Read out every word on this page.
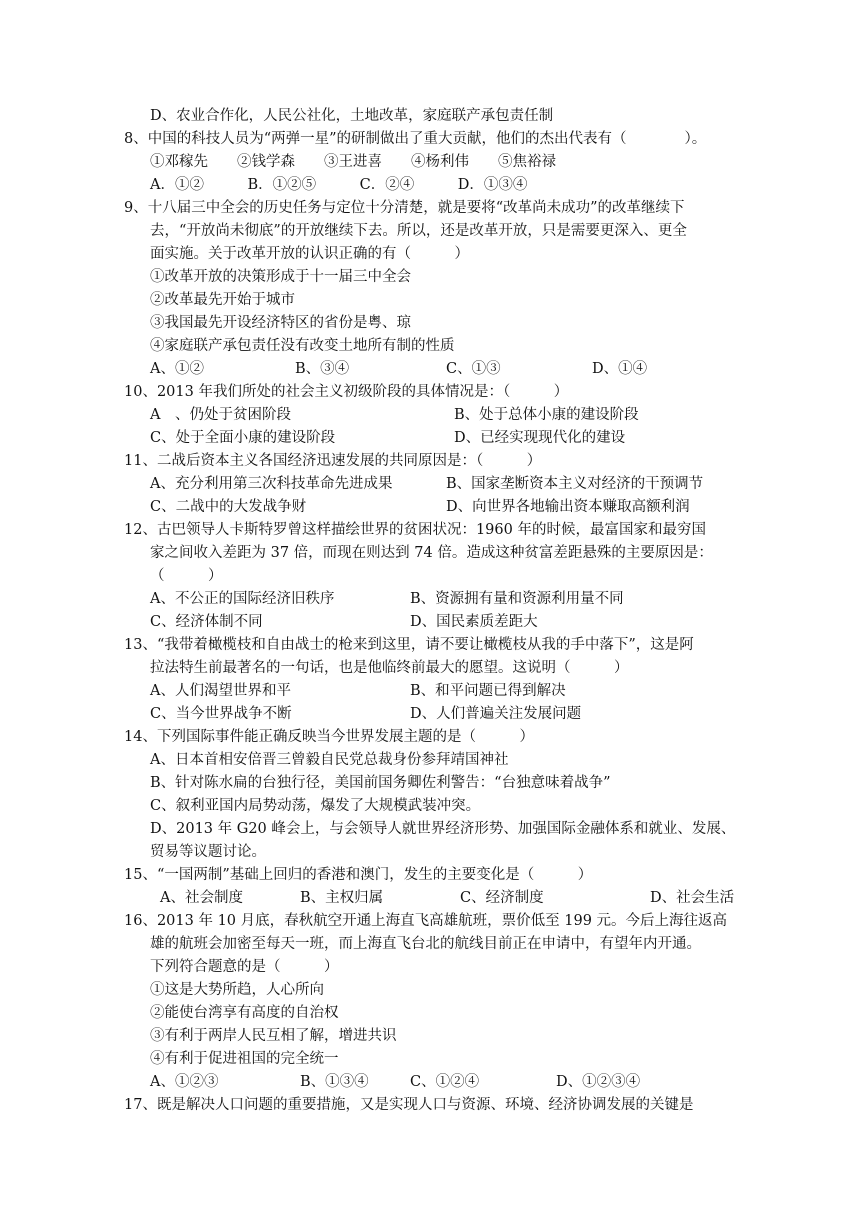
D、农业合作化，人民公社化，土地改革，家庭联产承包责任制
8、中国的科技人员为“两弹一星”的研制做出了重大贡献，他们的杰出代表有（　　　　）。
①邓稼先　　②钱学森　　③王进喜　　④杨利伟　　⑤焦裕禄
A．①②　　　B．①②⑤　　　C．②④　　　D．①③④
9、十八届三中全会的历史任务与定位十分清楚，就是要将“改革尚未成功”的改革继续下
去，“开放尚未彻底”的开放继续下去。所以，还是改革开放，只是需要更深入、更全
面实施。关于改革开放的认识正确的有（　　　）
①改革开放的决策形成于十一届三中全会
②改革最先开始于城市
③我国最先开设经济特区的省份是粤、琼
④家庭联产承包责任没有改变土地所有制的性质
A、①②	B、③④	C、①③	D、①④
10、2013 年我们所处的社会主义初级阶段的具体情况是：（　　　）
A　、仍处于贫困阶段	B、处于总体小康的建设阶段
C、处于全面小康的建设阶段	D、已经实现现代化的建设
11、二战后资本主义各国经济迅速发展的共同原因是：（　　　）
A、充分利用第三次科技革命先进成果	B、国家垄断资本主义对经济的干预调节
C、二战中的大发战争财	D、向世界各地输出资本赚取高额利润
12、古巴领导人卡斯特罗曾这样描绘世界的贫困状况：1960 年的时候，最富国家和最穷国
家之间收入差距为 37 倍，而现在则达到 74 倍。造成这种贫富差距悬殊的主要原因是：
（　　　）
A、不公正的国际经济旧秩序	B、资源拥有量和资源利用量不同
C、经济体制不同	D、国民素质差距大
13、“我带着橄榄枝和自由战士的枪来到这里，请不要让橄榄枝从我的手中落下”，这是阿
拉法特生前最著名的一句话，也是他临终前最大的愿望。这说明（　　　）
A、人们渴望世界和平	B、和平问题已得到解决
C、当今世界战争不断	D、人们普遍关注发展问题
14、下列国际事件能正确反映当今世界发展主题的是（　　　）
A、日本首相安倍晋三曾毅自民党总裁身份参拜靖国神社
B、针对陈水扁的台独行径，美国前国务卿佐利警告：“台独意味着战争”
C、叙利亚国内局势动荡，爆发了大规模武装冲突。
D、2013 年 G20 峰会上，与会领导人就世界经济形势、加强国际金融体系和就业、发展、
贸易等议题讨论。
15、“一国两制”基础上回归的香港和澳门，发生的主要变化是（　　　）
A、社会制度	B、主权归属	C、经济制度	D、社会生活
16、2013 年 10 月底，春秋航空开通上海直飞高雄航班，票价低至 199 元。今后上海往返高
雄的航班会加密至每天一班，而上海直飞台北的航线目前正在申请中，有望年内开通。
下列符合题意的是（　　　）
①这是大势所趋，人心所向
②能使台湾享有高度的自治权
③有利于两岸人民互相了解，增进共识
④有利于促进祖国的完全统一
A、①②③	B、①③④	C、①②④	D、①②③④
17、既是解决人口问题的重要措施，又是实现人口与资源、环境、经济协调发展的关键是
